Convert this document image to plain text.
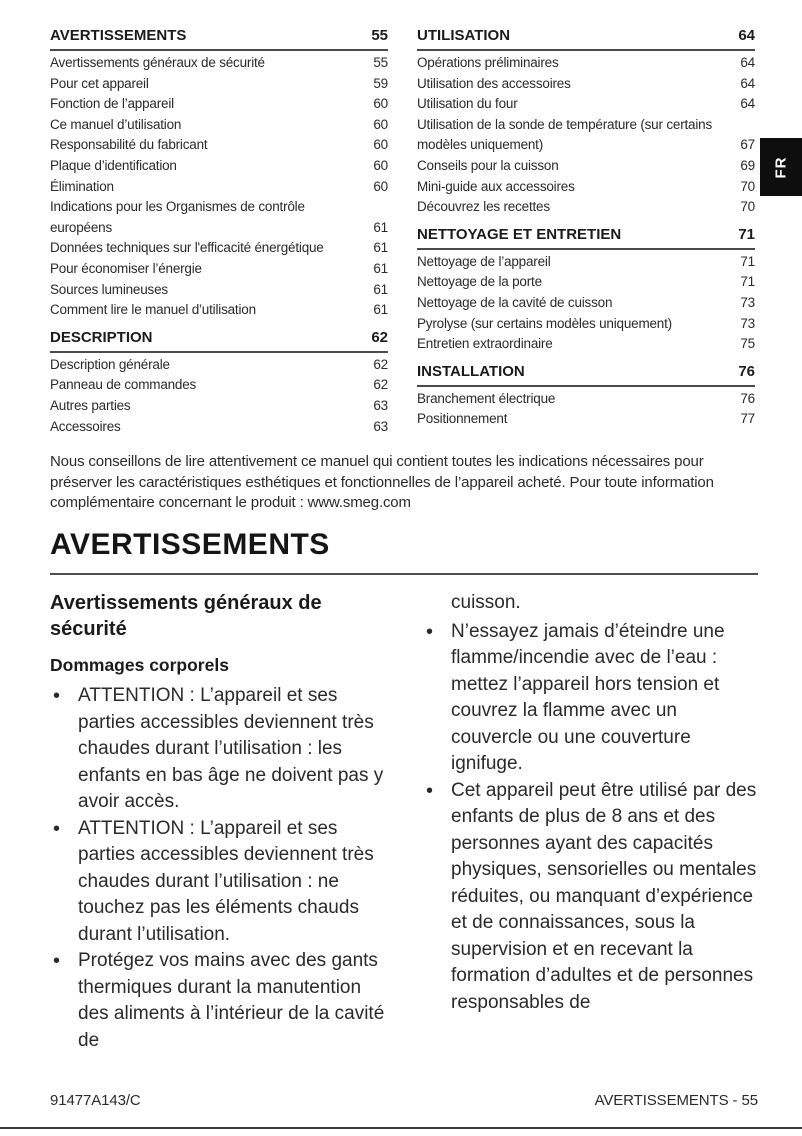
AVERTISSEMENTS	55
Avertissements généraux de sécurité	55
Pour cet appareil	59
Fonction de l’appareil	60
Ce manuel d’utilisation	60
Responsabilité du fabricant	60
Plaque d’identification	60
Élimination	60
Indications pour les Organismes de contrôle
européens	61
Données techniques sur l'efficacité énergétique	61
Pour économiser l’énergie	61
Sources lumineuses	61
Comment lire le manuel d’utilisation	61
DESCRIPTION	62
Description générale	62
Panneau de commandes	62
Autres parties	63
Accessoires	63
UTILISATION	64
Opérations préliminaires	64
Utilisation des accessoires	64
Utilisation du four	64
Utilisation de la sonde de température (sur certains
modèles uniquement)	67
Conseils pour la cuisson	69
Mini-guide aux accessoires	70
Découvrez les recettes	70
NETTOYAGE ET ENTRETIEN	71
Nettoyage de l’appareil	71
Nettoyage de la porte	71
Nettoyage de la cavité de cuisson	73
Pyrolyse (sur certains modèles uniquement)	73
Entretien extraordinaire	75
INSTALLATION	76
Branchement électrique	76
Positionnement	77
FR

Nous conseillons de lire attentivement ce manuel qui contient toutes les indications nécessaires pour préserver les caractéristiques esthétiques et fonctionnelles de l’appareil acheté. Pour toute information complémentaire concernant le produit : www.smeg.com

AVERTISSEMENTS
Avertissements généraux de sécurité
Dommages corporels
• ATTENTION : L’appareil et ses parties accessibles deviennent très chaudes durant l’utilisation : les enfants en bas âge ne doivent pas y avoir accès.
• ATTENTION : L’appareil et ses parties accessibles deviennent très chaudes durant l’utilisation : ne touchez pas les éléments chauds durant l’utilisation.
• Protégez vos mains avec des gants thermiques durant la manutention des aliments à l’intérieur de la cavité de

cuisson.

• N’essayez jamais d’éteindre une flamme/incendie avec de l’eau : mettez l’appareil hors tension et couvrez la flamme avec un couvercle ou une couverture ignifuge.
• Cet appareil peut être utilisé par des enfants de plus de 8 ans et des personnes ayant des capacités physiques, sensorielles ou mentales réduites, ou manquant d’expérience et de connaissances, sous la supervision et en recevant la formation d’adultes et de personnes responsables de
91477A143/C	AVERTISSEMENTS - 55
